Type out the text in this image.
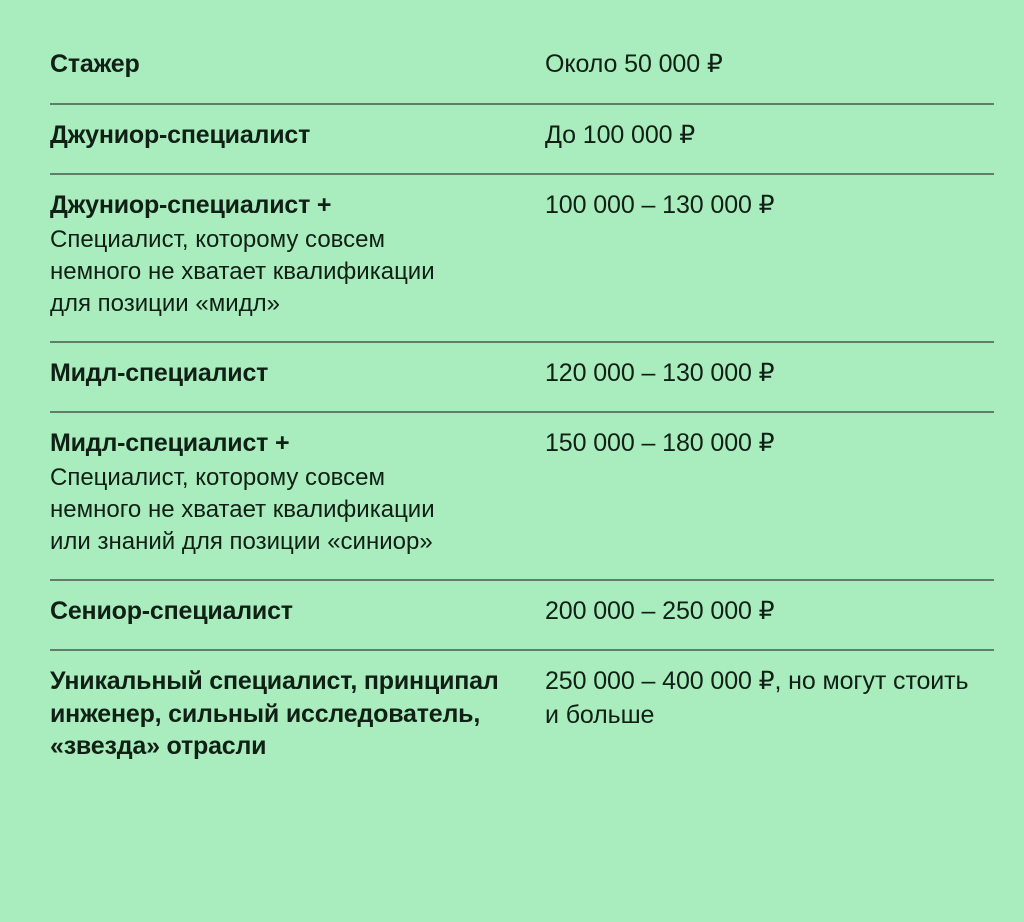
Стажер	Около 50 000 ₽

Джуниор-специалист	До 100 000 ₽

Джуниор-специалист +
Специалист, которому совсем немного не хватает квалификации для позиции «мидл»	100 000 – 130 000 ₽

Мидл-специалист	120 000 – 130 000 ₽

Мидл-специалист +
Специалист, которому совсем немного не хватает квалификации или знаний для позиции «синиор»	150 000 – 180 000 ₽

Сениор-специалист	200 000 – 250 000 ₽

Уникальный специалист, принципал инженер, сильный исследователь, «звезда» отрасли	250 000 – 400 000 ₽, но могут стоить и больше
